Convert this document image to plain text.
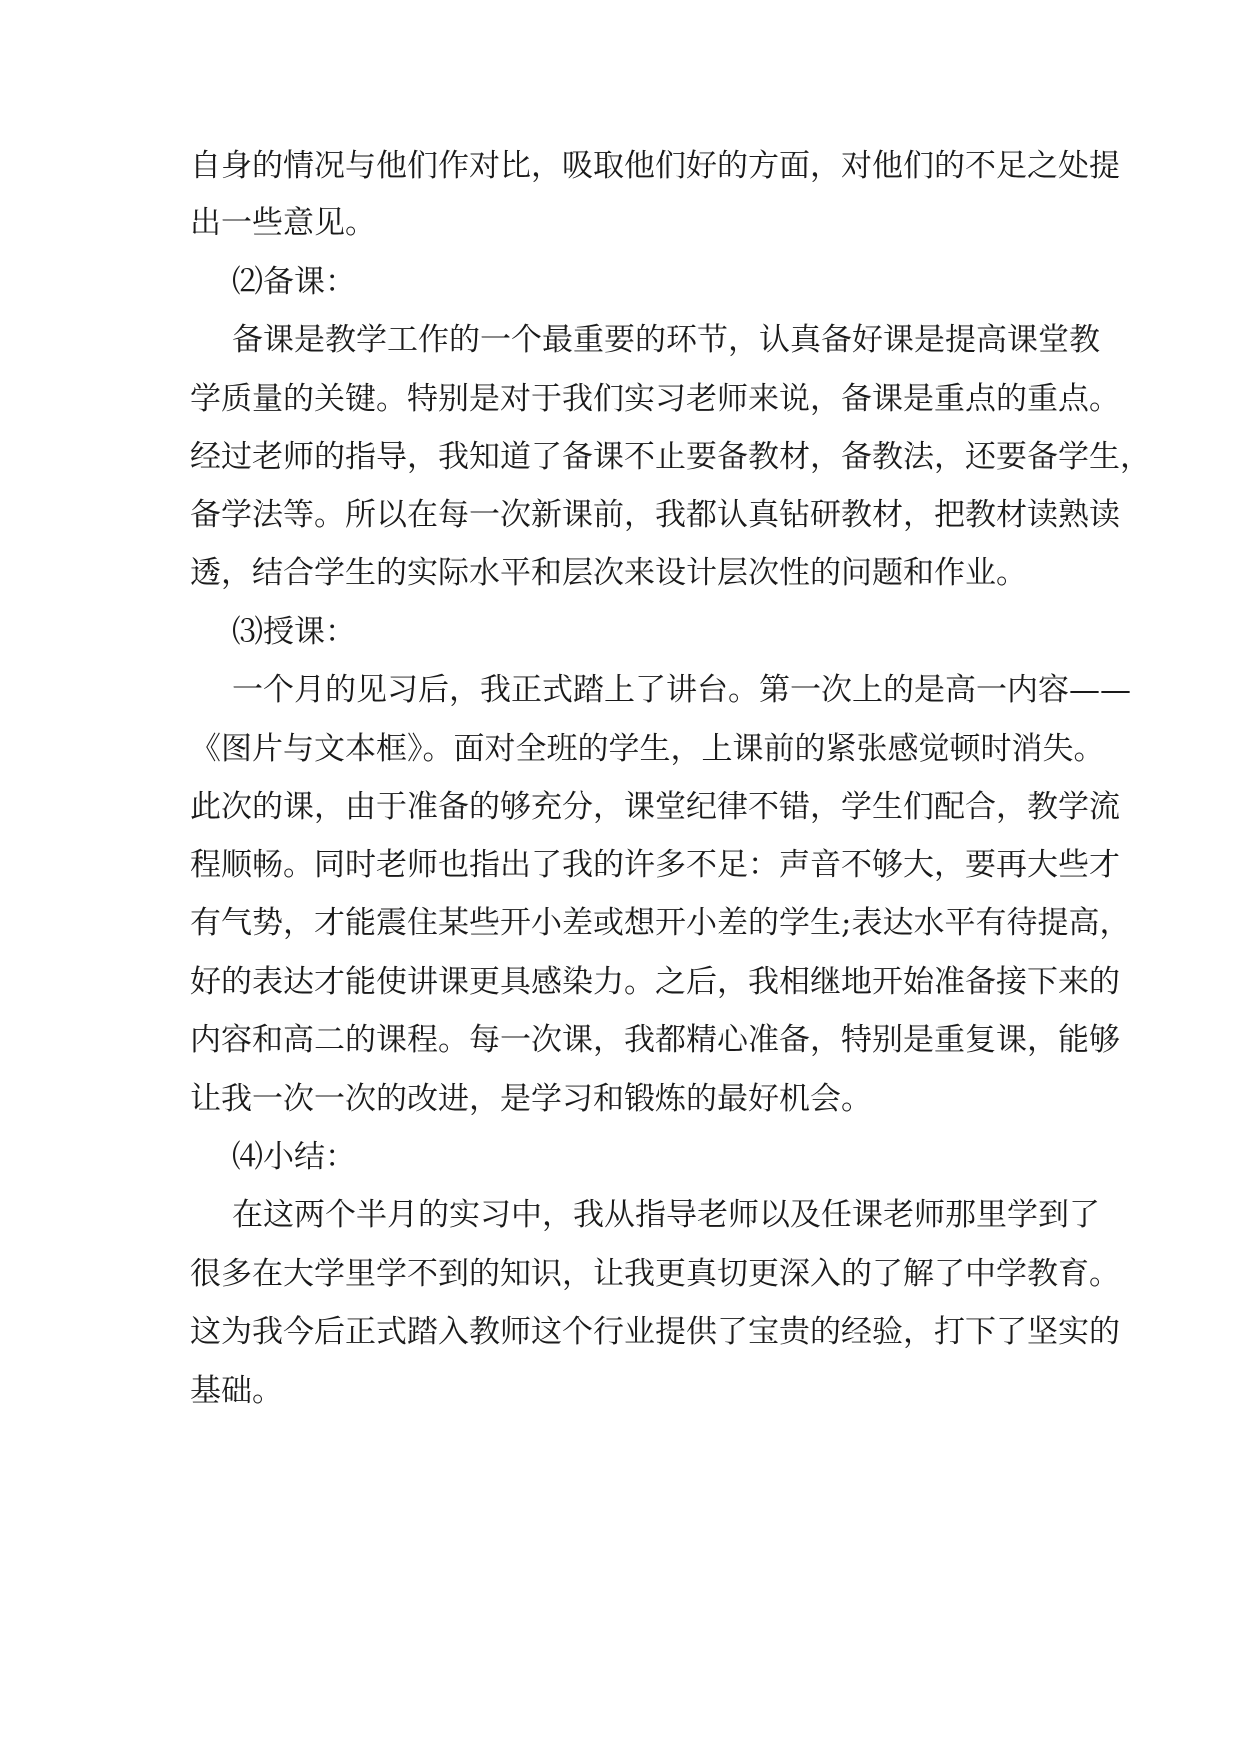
自身的情况与他们作对比，吸取他们好的方面，对他们的不足之处提
出一些意见。
⑵备课：
备课是教学工作的一个最重要的环节，认真备好课是提高课堂教
学质量的关键。特别是对于我们实习老师来说，备课是重点的重点。
经过老师的指导，我知道了备课不止要备教材，备教法，还要备学生，
备学法等。所以在每一次新课前，我都认真钻研教材，把教材读熟读
透，结合学生的实际水平和层次来设计层次性的问题和作业。
⑶授课：
一个月的见习后，我正式踏上了讲台。第一次上的是高一内容——
《图片与文本框》。面对全班的学生，上课前的紧张感觉顿时消失。
此次的课，由于准备的够充分，课堂纪律不错，学生们配合，教学流
程顺畅。同时老师也指出了我的许多不足：声音不够大，要再大些才
有气势，才能震住某些开小差或想开小差的学生;表达水平有待提高，
好的表达才能使讲课更具感染力。之后，我相继地开始准备接下来的
内容和高二的课程。每一次课，我都精心准备，特别是重复课，能够
让我一次一次的改进，是学习和锻炼的最好机会。
⑷小结：
在这两个半月的实习中，我从指导老师以及任课老师那里学到了
很多在大学里学不到的知识，让我更真切更深入的了解了中学教育。
这为我今后正式踏入教师这个行业提供了宝贵的经验，打下了坚实的
基础。
